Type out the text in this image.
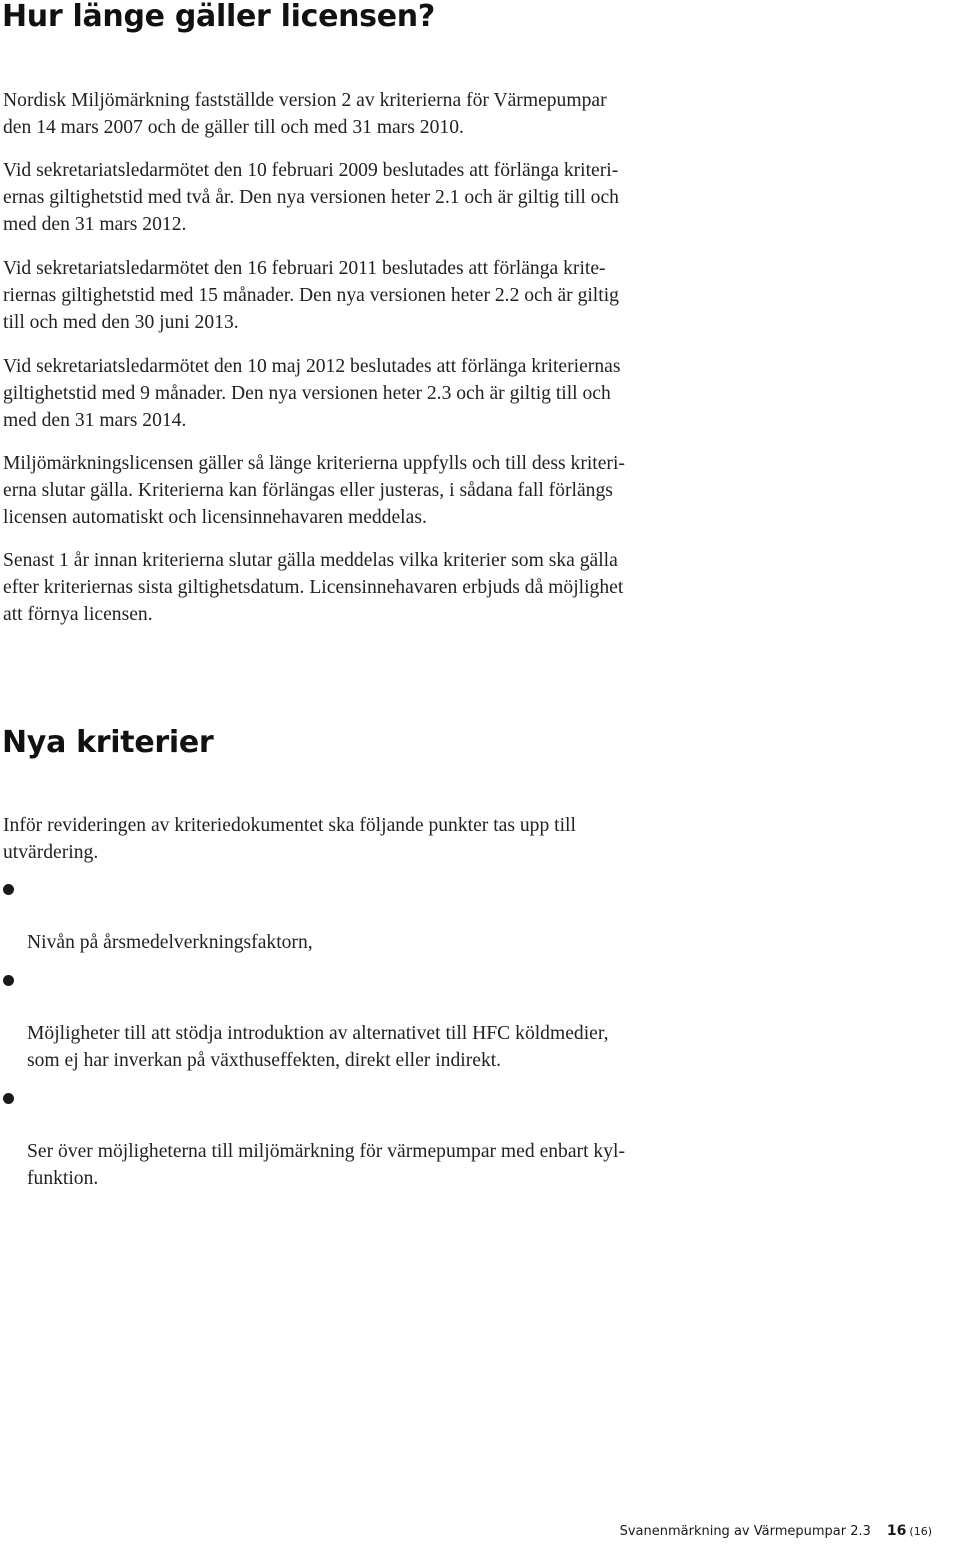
Hur länge gäller licensen?

Nordisk Miljömärkning fastställde version 2 av kriterierna för Värmepumpar
den 14 mars 2007 och de gäller till och med 31 mars 2010.

Vid sekretariatsledarmötet den 10 februari 2009 beslutades att förlänga kriteri-
ernas giltighetstid med två år. Den nya versionen heter 2.1 och är giltig till och
med den 31 mars 2012.

Vid sekretariatsledarmötet den 16 februari 2011 beslutades att förlänga krite-
riernas giltighetstid med 15 månader. Den nya versionen heter 2.2 och är giltig
till och med den 30 juni 2013.

Vid sekretariatsledarmötet den 10 maj 2012 beslutades att förlänga kriteriernas
giltighetstid med 9 månader. Den nya versionen heter 2.3 och är giltig till och
med den 31 mars 2014.

Miljömärkningslicensen gäller så länge kriterierna uppfylls och till dess kriteri-
erna slutar gälla. Kriterierna kan förlängas eller justeras, i sådana fall förlängs
licensen automatiskt och licensinnehavaren meddelas.

Senast 1 år innan kriterierna slutar gälla meddelas vilka kriterier som ska gälla
efter kriteriernas sista giltighetsdatum. Licensinnehavaren erbjuds då möjlighet
att förnya licensen.

Nya kriterier

Inför revideringen av kriteriedokumentet ska följande punkter tas upp till
utvärdering.

Nivån på årsmedelverkningsfaktorn,

Möjligheter till att stödja introduktion av alternativet till HFC köldmedier,
som ej har inverkan på växthuseffekten, direkt eller indirekt.

Ser över möjligheterna till miljömärkning för värmepumpar med enbart kyl-
funktion.

Svanenmärkning av Värmepumpar 2.3 16 (16)
